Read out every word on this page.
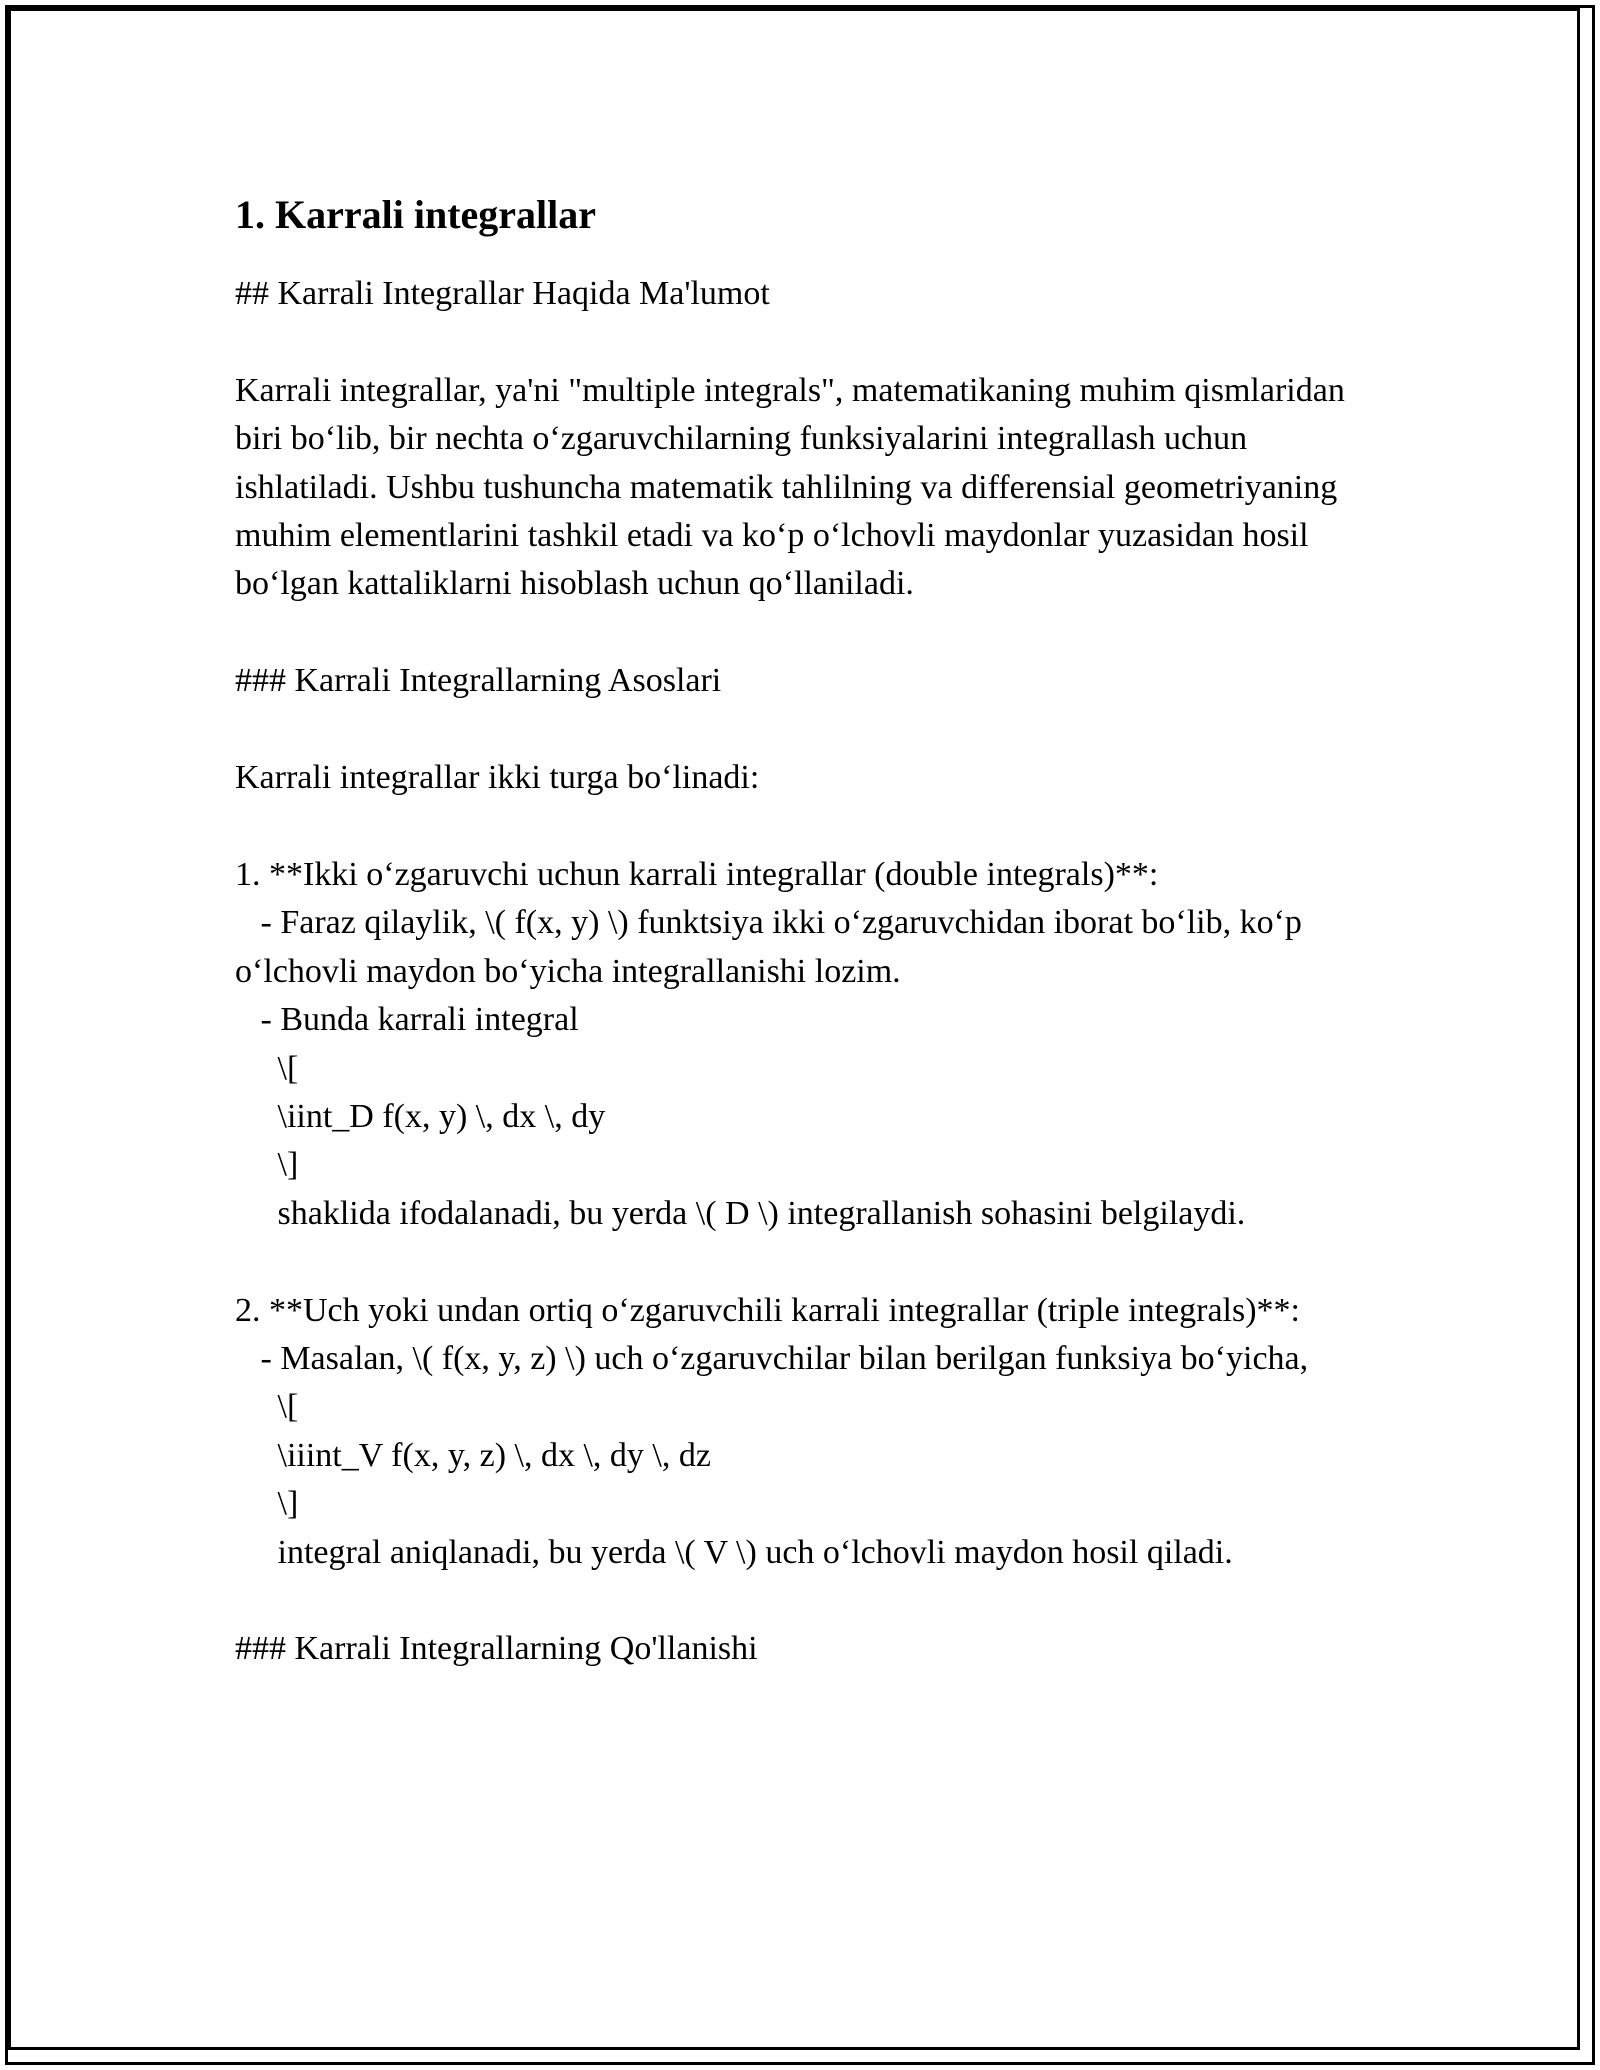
1. Karrali integrallar
## Karrali Integrallar Haqida Ma'lumot

Karrali integrallar, ya'ni "multiple integrals", matematikaning muhim qismlaridan biri bo‘lib, bir nechta o‘zgaruvchilarning funksiyalarini integrallash uchun ishlatiladi. Ushbu tushuncha matematik tahlilning va differensial geometriyaning muhim elementlarini tashkil etadi va ko‘p o‘lchovli maydonlar yuzasidan hosil bo‘lgan kattaliklarni hisoblash uchun qo‘llaniladi.

### Karrali Integrallarning Asoslari

Karrali integrallar ikki turga bo‘linadi:

1. **Ikki o‘zgaruvchi uchun karrali integrallar (double integrals)**:
- Faraz qilaylik, \( f(x, y) \) funktsiya ikki o‘zgaruvchidan iborat bo‘lib, ko‘p o‘lchovli maydon bo‘yicha integrallanishi lozim.
- Bunda karrali integral
\[
\iint_D f(x, y) \, dx \, dy
\]
shaklida ifodalanadi, bu yerda \( D \) integrallanish sohasini belgilaydi.

2. **Uch yoki undan ortiq o‘zgaruvchili karrali integrallar (triple integrals)**:
- Masalan, \( f(x, y, z) \) uch o‘zgaruvchilar bilan berilgan funksiya bo‘yicha,
\[
\iiint_V f(x, y, z) \, dx \, dy \, dz
\]
integral aniqlanadi, bu yerda \( V \) uch o‘lchovli maydon hosil qiladi.

### Karrali Integrallarning Qo'llanishi
